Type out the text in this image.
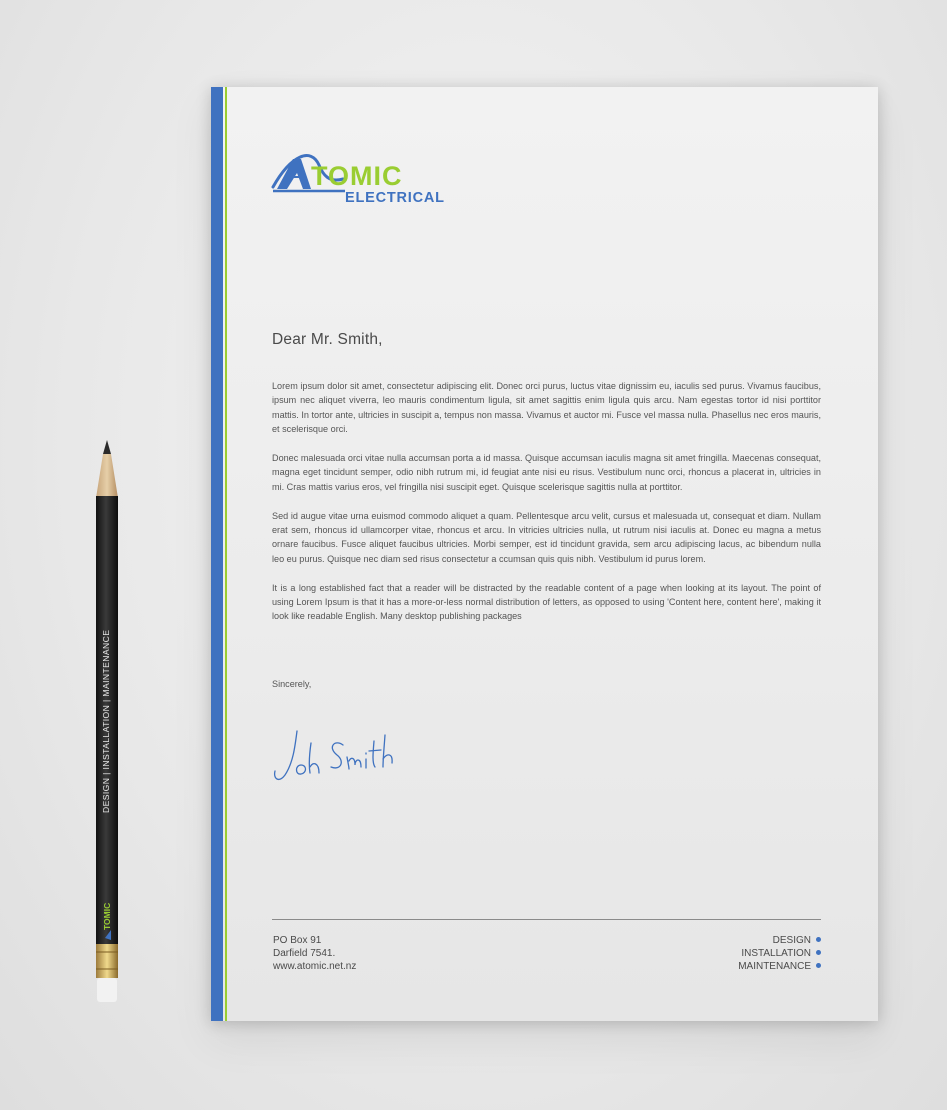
TOMIC
ELECTRICAL
Dear Mr. Smith,

Lorem ipsum dolor sit amet, consectetur adipiscing elit. Donec orci purus, luctus vitae dignissim eu, iaculis sed purus. Vivamus faucibus, ipsum nec aliquet viverra, leo mauris condimentum ligula, sit amet sagittis enim ligula quis arcu. Nam egestas tortor id nisi porttitor mattis. In tortor ante, ultricies in suscipit a, tempus non massa. Vivamus et auctor mi. Fusce vel massa nulla. Phasellus nec eros mauris, et scelerisque orci.

Donec malesuada orci vitae nulla accumsan porta a id massa. Quisque accumsan iaculis magna sit amet fringilla. Maecenas consequat, magna eget tincidunt semper, odio nibh rutrum mi, id feugiat ante nisi eu risus. Vestibulum nunc orci, rhoncus a placerat in, ultricies in mi. Cras mattis varius eros, vel fringilla nisi suscipit eget. Quisque scelerisque sagittis nulla at porttitor.

Sed id augue vitae urna euismod commodo aliquet a quam. Pellentesque arcu velit, cursus et malesuada ut, consequat et diam. Nullam erat sem, rhoncus id ullamcorper vitae, rhoncus et arcu. In vitricies ultricies nulla, ut rutrum nisi iaculis at. Donec eu magna a metus ornare faucibus. Fusce aliquet faucibus ultricies. Morbi semper, est id tincidunt gravida, sem arcu adipiscing lacus, ac bibendum nulla leo eu purus. Quisque nec diam sed risus consectetur a ccumsan quis quis nibh. Vestibulum id purus lorem.

It is a long established fact that a reader will be distracted by the readable content of a page when looking at its layout. The point of using Lorem Ipsum is that it has a more-or-less normal distribution of letters, as opposed to using 'Content here, content here', making it look like readable English. Many desktop publishing packages

Sincerely,
PO Box 91
Darfield 7541.
www.atomic.net.nz
DESIGN
INSTALLATION
MAINTENANCE
DESIGN | INSTALLATION | MAINTENANCE
TOMIC
